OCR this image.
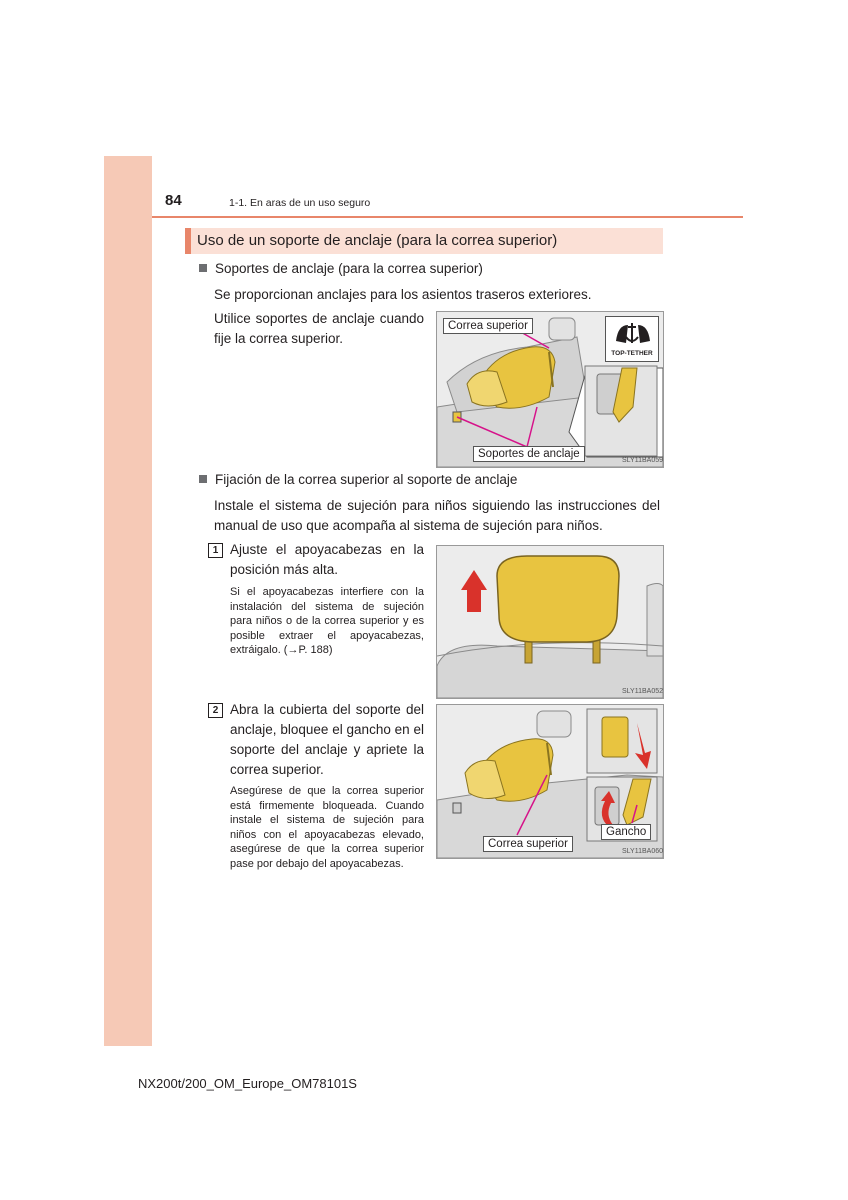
84	1-1. En aras de un uso seguro
Uso de un soporte de anclaje (para la correa superior)
Soportes de anclaje (para la correa superior)
Se proporcionan anclajes para los asientos traseros exteriores.
Utilice soportes de anclaje cuando fije la correa superior.
TOP-TETHER
Correa superior
Soportes de anclaje
SLY11BA059
Fijación de la correa superior al soporte de anclaje
Instale el sistema de sujeción para niños siguiendo las instrucciones del manual de uso que acompaña al sistema de sujeción para niños.
1 Ajuste el apoyacabezas en la posición más alta.
Si el apoyacabezas interfiere con la instalación del sistema de sujeción para niños o de la correa superior y es posible extraer el apoyacabezas, extráigalo. (→P. 188)
SLY11BA052
2 Abra la cubierta del soporte del anclaje, bloquee el gancho en el soporte del anclaje y apriete la correa superior.
Asegúrese de que la correa superior está firmemente bloqueada. Cuando instale el sistema de sujeción para niños con el apoyacabezas elevado, asegúrese de que la correa superior pase por debajo del apoyacabezas.
Correa superior
Gancho
SLY11BA060
NX200t/200_OM_Europe_OM78101S
